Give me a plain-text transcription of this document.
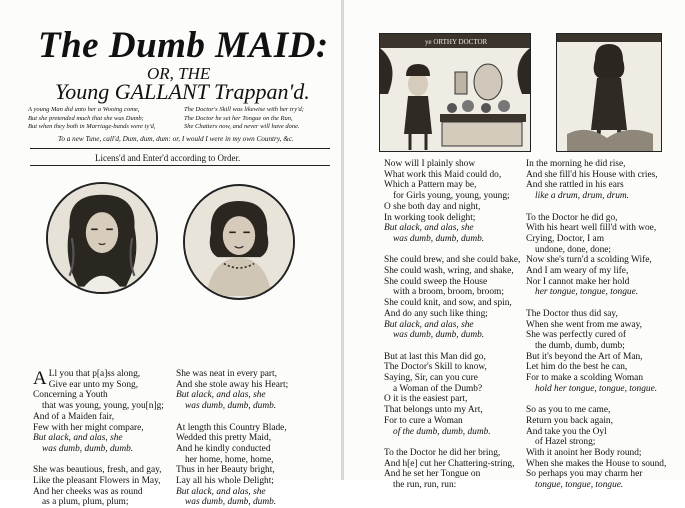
The Dumb MAID:
OR, THE
Young GALLANT Trappan'd.
A young Man did unto her a Wooing come,
But she pretended much that she was Dumb;
But when they both in Marriage-bands were ty'd,
The Doctor's Skill was likewise with her try'd;
The Doctor he set her Tongue on the Run,
She Chatters now, and never will have done.
To a new Tune, call'd, Dum, dum, dum: or, I would I were in my own Country, &c.
Licens'd and Enter'd according to Order.
A Ll you that p[a]ss along,
Give ear unto my Song,
Concerning a Youth
that was young, young, you[n]g;
And of a Maiden fair,
Few with her might compare,
But alack, and alas, she
was dumb, dumb, dumb.
She was beautious, fresh, and gay,
Like the pleasant Flowers in May,
And her cheeks was as round
as a plum, plum, plum;
She was neat in every part,
And she stole away his Heart;
But alack, and alas, she
was dumb, dumb, dumb.
At length this Country Blade,
Wedded this pretty Maid,
And he kindly conducted
her home, home, home,
Thus in her Beauty bright,
Lay all his whole Delight;
But alack, and alas, she
was dumb, dumb, dumb.
ye ORTHY DOCTOR
Now will I plainly show
What work this Maid could do,
Which a Pattern may be,
for Girls young, young, young;
O she both day and night,
In working took delight;
But alack, and alas, she
was dumb, dumb, dumb.
She could brew, and she could bake,
She could wash, wring, and shake,
She could sweep the House
with a broom, broom, broom;
She could knit, and sow, and spin,
And do any such like thing;
But alack, and alas, she
was dumb, dumb, dumb.
But at last this Man did go,
The Doctor's Skill to know,
Saying, Sir, can you cure
a Woman of the Dumb?
O it is the easiest part,
That belongs unto my Art,
For to cure a Woman
of the dumb, dumb, dumb.
To the Doctor he did her bring,
And h[e] cut her Chattering-string,
And he set her Tongue on
the run, run, run:
In the morning he did rise,
And she fill'd his House with cries,
And she rattled in his ears
like a drum, drum, drum.
To the Doctor he did go,
With his heart well fill'd with woe,
Crying, Doctor, I am
undone, done, done;
Now she's turn'd a scolding Wife,
And I am weary of my life,
Nor I cannot make her hold
her tongue, tongue, tongue.
The Doctor thus did say,
When she went from me away,
She was perfectly cured of
the dumb, dumb, dumb;
But it's beyond the Art of Man,
Let him do the best he can,
For to make a scolding Woman
hold her tongue, tongue, tongue.
So as you to me came,
Return you back again,
And take you the Oyl
of Hazel strong;
With it anoint her Body round;
When she makes the House to sound,
So perhaps you may charm her
tongue, tongue, tongue.
